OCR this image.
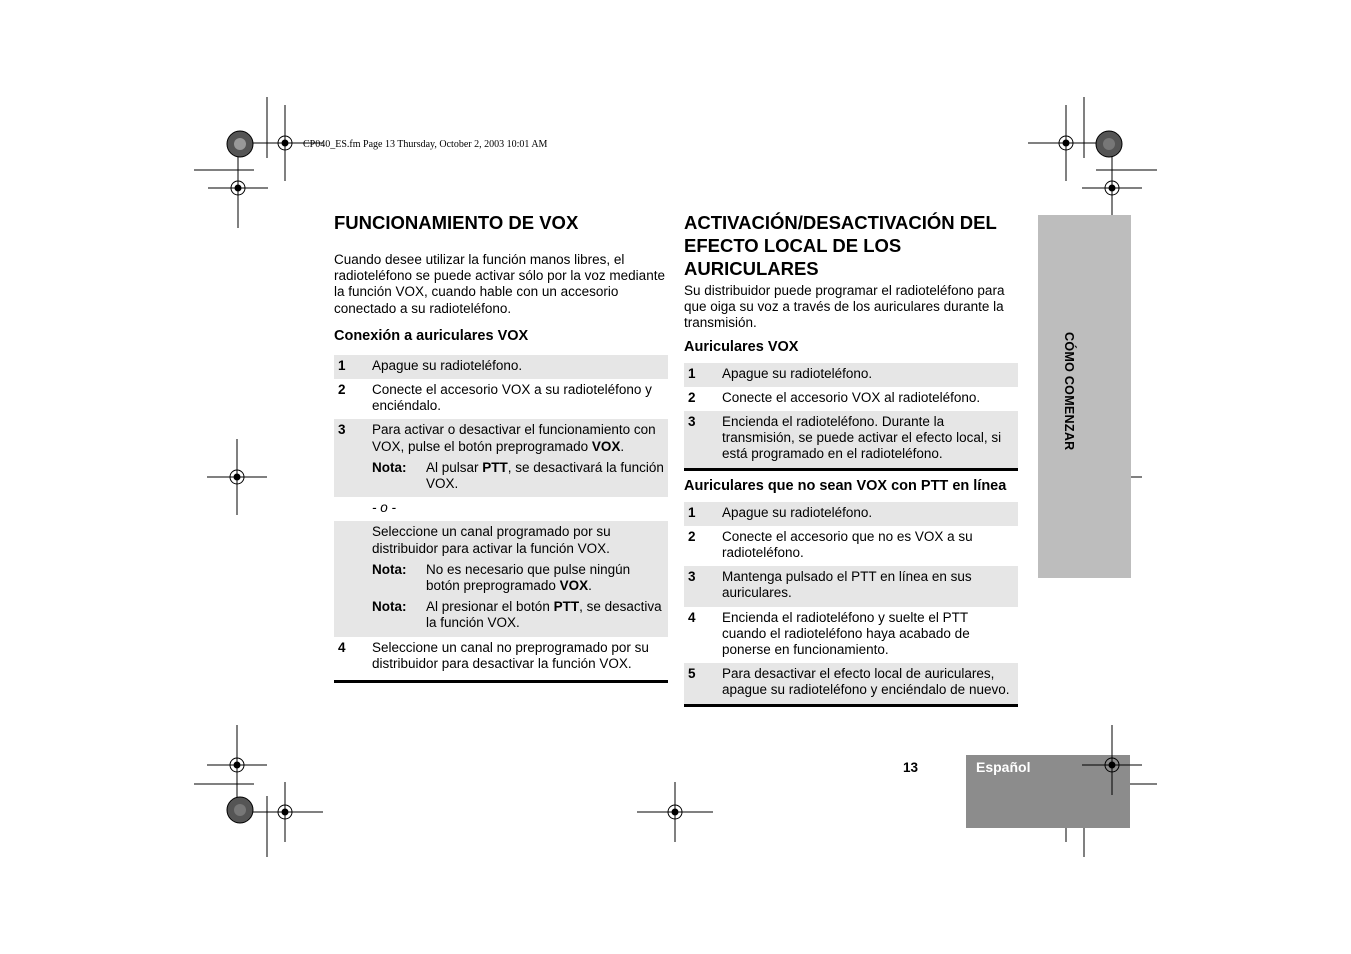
CP040_ES.fm Page 13 Thursday, October 2, 2003 10:01 AM
CÓMO COMENZAR
FUNCIONAMIENTO DE VOX

Cuando desee utilizar la función manos libres, el radioteléfono se puede activar sólo por la voz mediante la función VOX, cuando hable con un accesorio conectado a su radioteléfono.

Conexión a auriculares VOX
1	Apague su radioteléfono.
2	Conecte el accesorio VOX a su radioteléfono y enciéndalo.
3	Para activar o desactivar el funcionamiento con VOX, pulse el botón preprogramado VOX.
Nota: Al pulsar PTT, se desactivará la función VOX.

	- o -
	Seleccione un canal programado por su distribuidor para activar la función VOX.
Nota: No es necesario que pulse ningún botón preprogramado VOX.
Nota: Al presionar el botón PTT, se desactiva la función VOX.

4	Seleccione un canal no preprogramado por su distribuidor para desactivar la función VOX.
ACTIVACIÓN/DESACTIVACIÓN DEL EFECTO LOCAL DE LOS AURICULARES

Su distribuidor puede programar el radioteléfono para que oiga su voz a través de los auriculares durante la transmisión.

Auriculares VOX
1	Apague su radioteléfono.
2	Conecte el accesorio VOX al radioteléfono.
3	Encienda el radioteléfono. Durante la transmisión, se puede activar el efecto local, si está programado en el radioteléfono.
Auriculares que no sean VOX con PTT en línea
1	Apague su radioteléfono.
2	Conecte el accesorio que no es VOX a su radioteléfono.
3	Mantenga pulsado el PTT en línea en sus auriculares.
4	Encienda el radioteléfono y suelte el PTT cuando el radioteléfono haya acabado de ponerse en funcionamiento.
5	Para desactivar el efecto local de auriculares, apague su radioteléfono y enciéndalo de nuevo.
13	Español
